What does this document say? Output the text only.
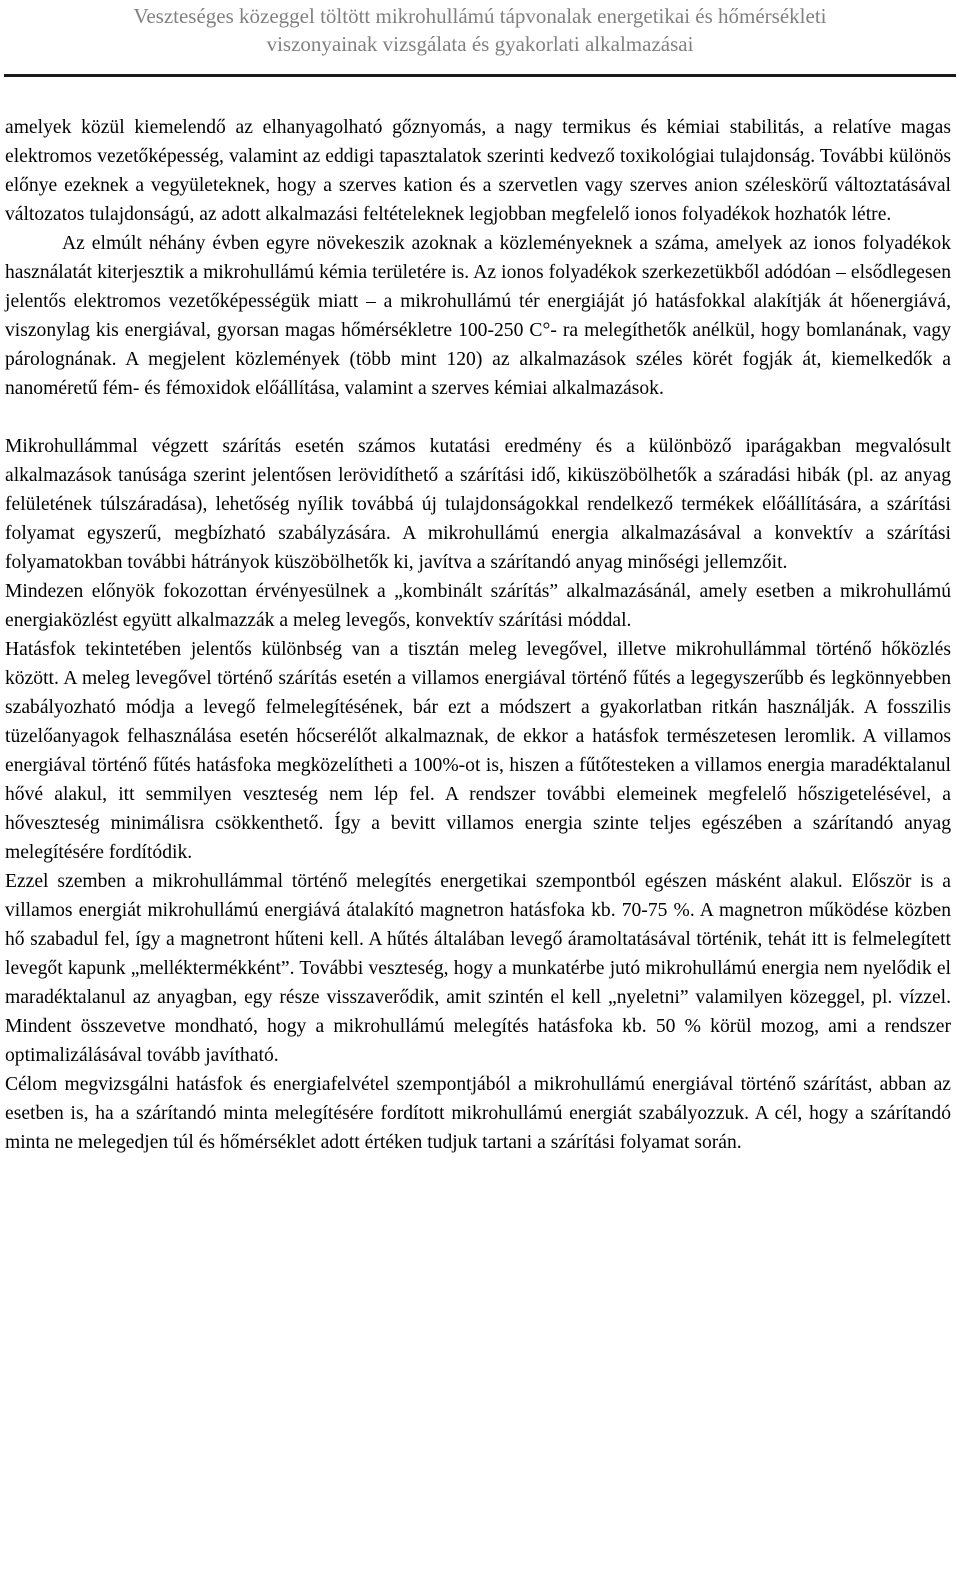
Veszteséges közeggel töltött mikrohullámú tápvonalak energetikai és hőmérsékleti
viszonyainak vizsgálata és gyakorlati alkalmazásai

amelyek közül kiemelendő az elhanyagolható gőznyomás, a nagy termikus és kémiai stabilitás, a relatíve magas elektromos vezetőképesség, valamint az eddigi tapasztalatok szerinti kedvező toxikológiai tulajdonság. További különös előnye ezeknek a vegyületeknek, hogy a szerves kation és a szervetlen vagy szerves anion széleskörű változtatásával változatos tulajdonságú, az adott alkalmazási feltételeknek legjobban megfelelő ionos folyadékok hozhatók létre.

Az elmúlt néhány évben egyre növekeszik azoknak a közleményeknek a száma, amelyek az ionos folyadékok használatát kiterjesztik a mikrohullámú kémia területére is. Az ionos folyadékok szerkezetükből adódóan – elsődlegesen jelentős elektromos vezetőképességük miatt – a mikrohullámú tér energiáját jó hatásfokkal alakítják át hőenergiává, viszonylag kis energiával, gyorsan magas hőmérsékletre 100-250 C°- ra melegíthetők anélkül, hogy bomlanának, vagy párolognának. A megjelent közlemények (több mint 120) az alkalmazások széles körét fogják át, kiemelkedők a nanoméretű fém- és fémoxidok előállítása, valamint a szerves kémiai alkalmazások.

Mikrohullámmal végzett szárítás esetén számos kutatási eredmény és a különböző iparágakban megvalósult alkalmazások tanúsága szerint jelentősen lerövidíthető a szárítási idő, kiküszöbölhetők a száradási hibák (pl. az anyag felületének túlszáradása), lehetőség nyílik továbbá új tulajdonságokkal rendelkező termékek előállítására, a szárítási folyamat egyszerű, megbízható szabályzására. A mikrohullámú energia alkalmazásával a konvektív a szárítási folyamatokban további hátrányok küszöbölhetők ki, javítva a szárítandó anyag minőségi jellemzőit.

Mindezen előnyök fokozottan érvényesülnek a „kombinált szárítás” alkalmazásánál, amely esetben a mikrohullámú energiaközlést együtt alkalmazzák a meleg levegős, konvektív szárítási móddal.

Hatásfok tekintetében jelentős különbség van a tisztán meleg levegővel, illetve mikrohullámmal történő hőközlés között. A meleg levegővel történő szárítás esetén a villamos energiával történő fűtés a legegyszerűbb és legkönnyebben szabályozható módja a levegő felmelegítésének, bár ezt a módszert a gyakorlatban ritkán használják. A fosszilis tüzelőanyagok felhasználása esetén hőcserélőt alkalmaznak, de ekkor a hatásfok természetesen leromlik. A villamos energiával történő fűtés hatásfoka megközelítheti a 100%-ot is, hiszen a fűtőtesteken a villamos energia maradéktalanul hővé alakul, itt semmilyen veszteség nem lép fel. A rendszer további elemeinek megfelelő hőszigetelésével, a hőveszteség minimálisra csökkenthető. Így a bevitt villamos energia szinte teljes egészében a szárítandó anyag melegítésére fordítódik.

Ezzel szemben a mikrohullámmal történő melegítés energetikai szempontból egészen másként alakul. Először is a villamos energiát mikrohullámú energiává átalakító magnetron hatásfoka kb. 70-75 %. A magnetron működése közben hő szabadul fel, így a magnetront hűteni kell. A hűtés általában levegő áramoltatásával történik, tehát itt is felmelegített levegőt kapunk „melléktermékként”. További veszteség, hogy a munkatérbe jutó mikrohullámú energia nem nyelődik el maradéktalanul az anyagban, egy része visszaverődik, amit szintén el kell „nyeletni” valamilyen közeggel, pl. vízzel. Mindent összevetve mondható, hogy a mikrohullámú melegítés hatásfoka kb. 50 % körül mozog, ami a rendszer optimalizálásával tovább javítható.

Célom megvizsgálni hatásfok és energiafelvétel szempontjából a mikrohullámú energiával történő szárítást, abban az esetben is, ha a szárítandó minta melegítésére fordított mikrohullámú energiát szabályozzuk. A cél, hogy a szárítandó minta ne melegedjen túl és hőmérséklet adott értéken tudjuk tartani a szárítási folyamat során.
